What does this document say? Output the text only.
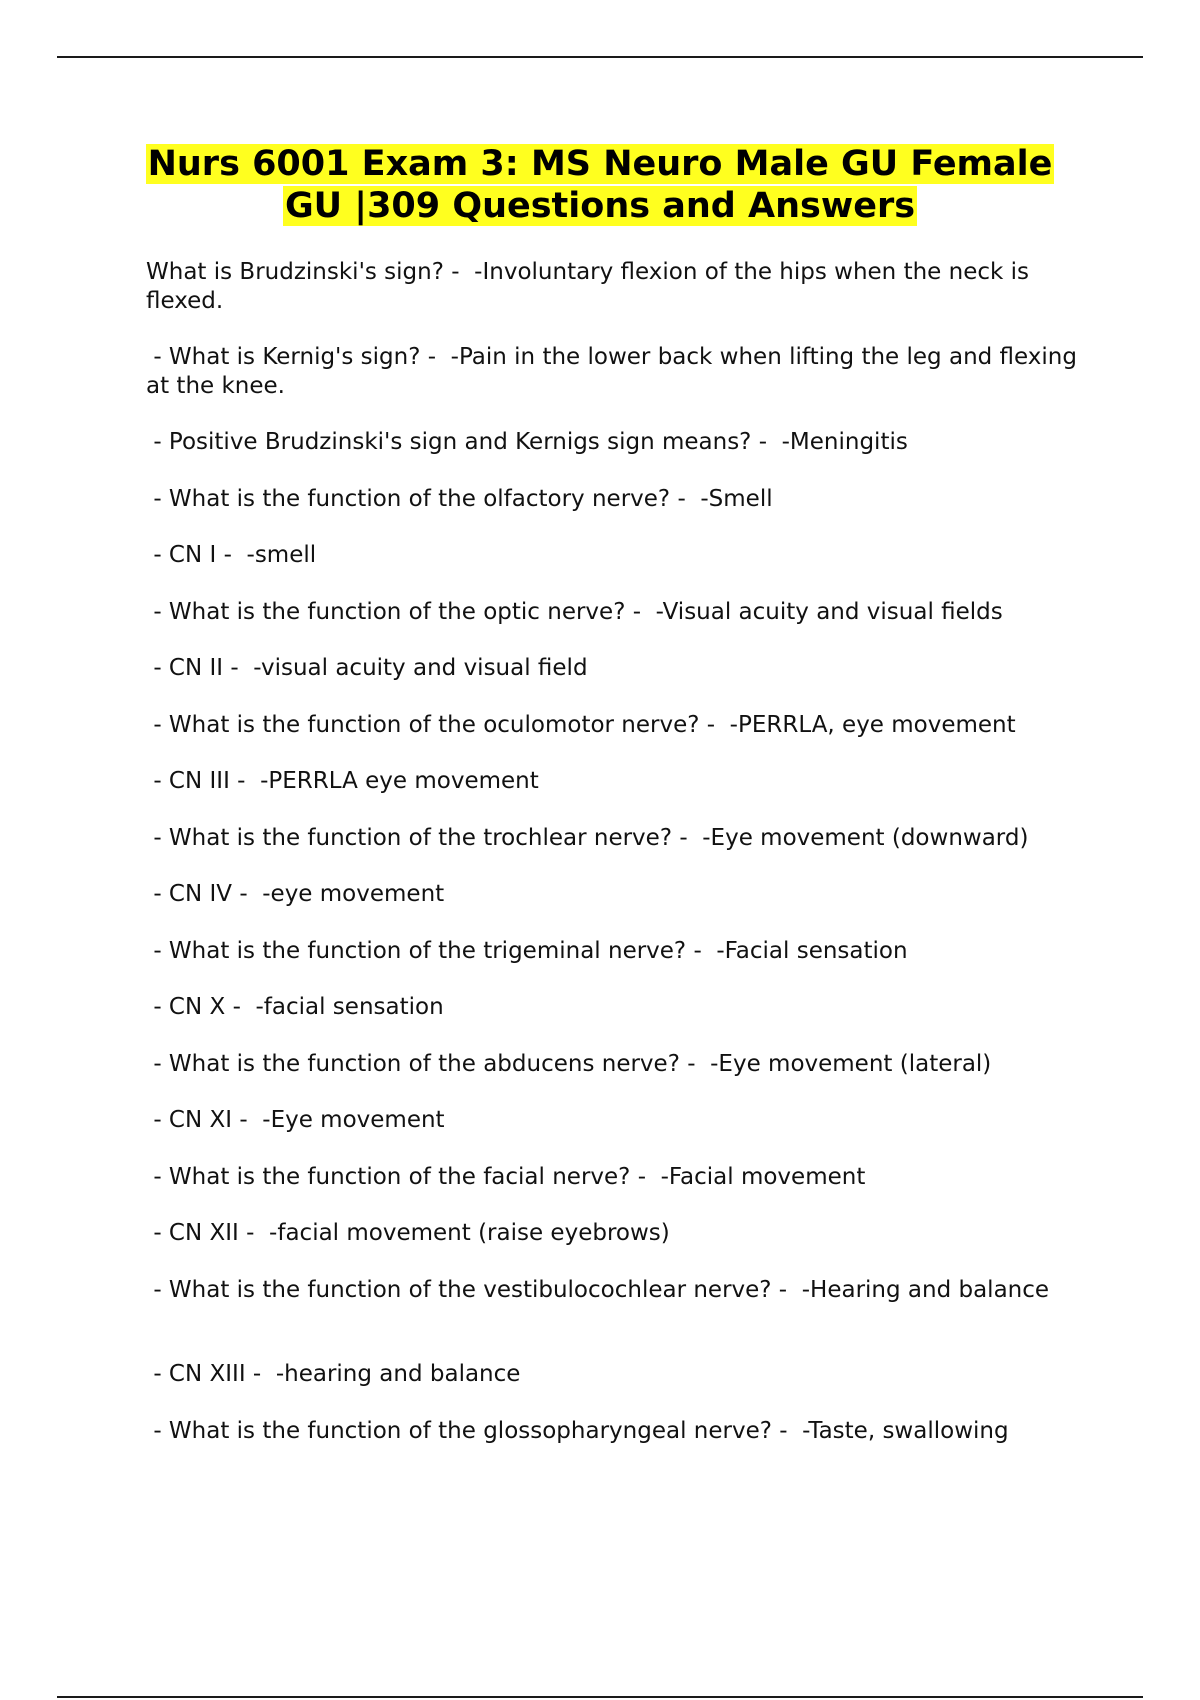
Nurs 6001 Exam 3: MS Neuro Male GU Female
GU |309 Questions and Answers

What is Brudzinski's sign? -  -Involuntary flexion of the hips when the neck is flexed.

- What is Kernig's sign? -  -Pain in the lower back when lifting the leg and flexing at the knee.

- Positive Brudzinski's sign and Kernigs sign means? -  -Meningitis

- What is the function of the olfactory nerve? -  -Smell

- CN I -  -smell

- What is the function of the optic nerve? -  -Visual acuity and visual fields

- CN II -  -visual acuity and visual field

- What is the function of the oculomotor nerve? -  -PERRLA, eye movement

- CN III -  -PERRLA eye movement

- What is the function of the trochlear nerve? -  -Eye movement (downward)

- CN IV -  -eye movement

- What is the function of the trigeminal nerve? -  -Facial sensation

- CN X -  -facial sensation

- What is the function of the abducens nerve? -  -Eye movement (lateral)

- CN XI -  -Eye movement

- What is the function of the facial nerve? -  -Facial movement

- CN XII -  -facial movement (raise eyebrows)

- What is the function of the vestibulocochlear nerve? -  -Hearing and balance

- CN XIII -  -hearing and balance

- What is the function of the glossopharyngeal nerve? -  -Taste, swallowing
